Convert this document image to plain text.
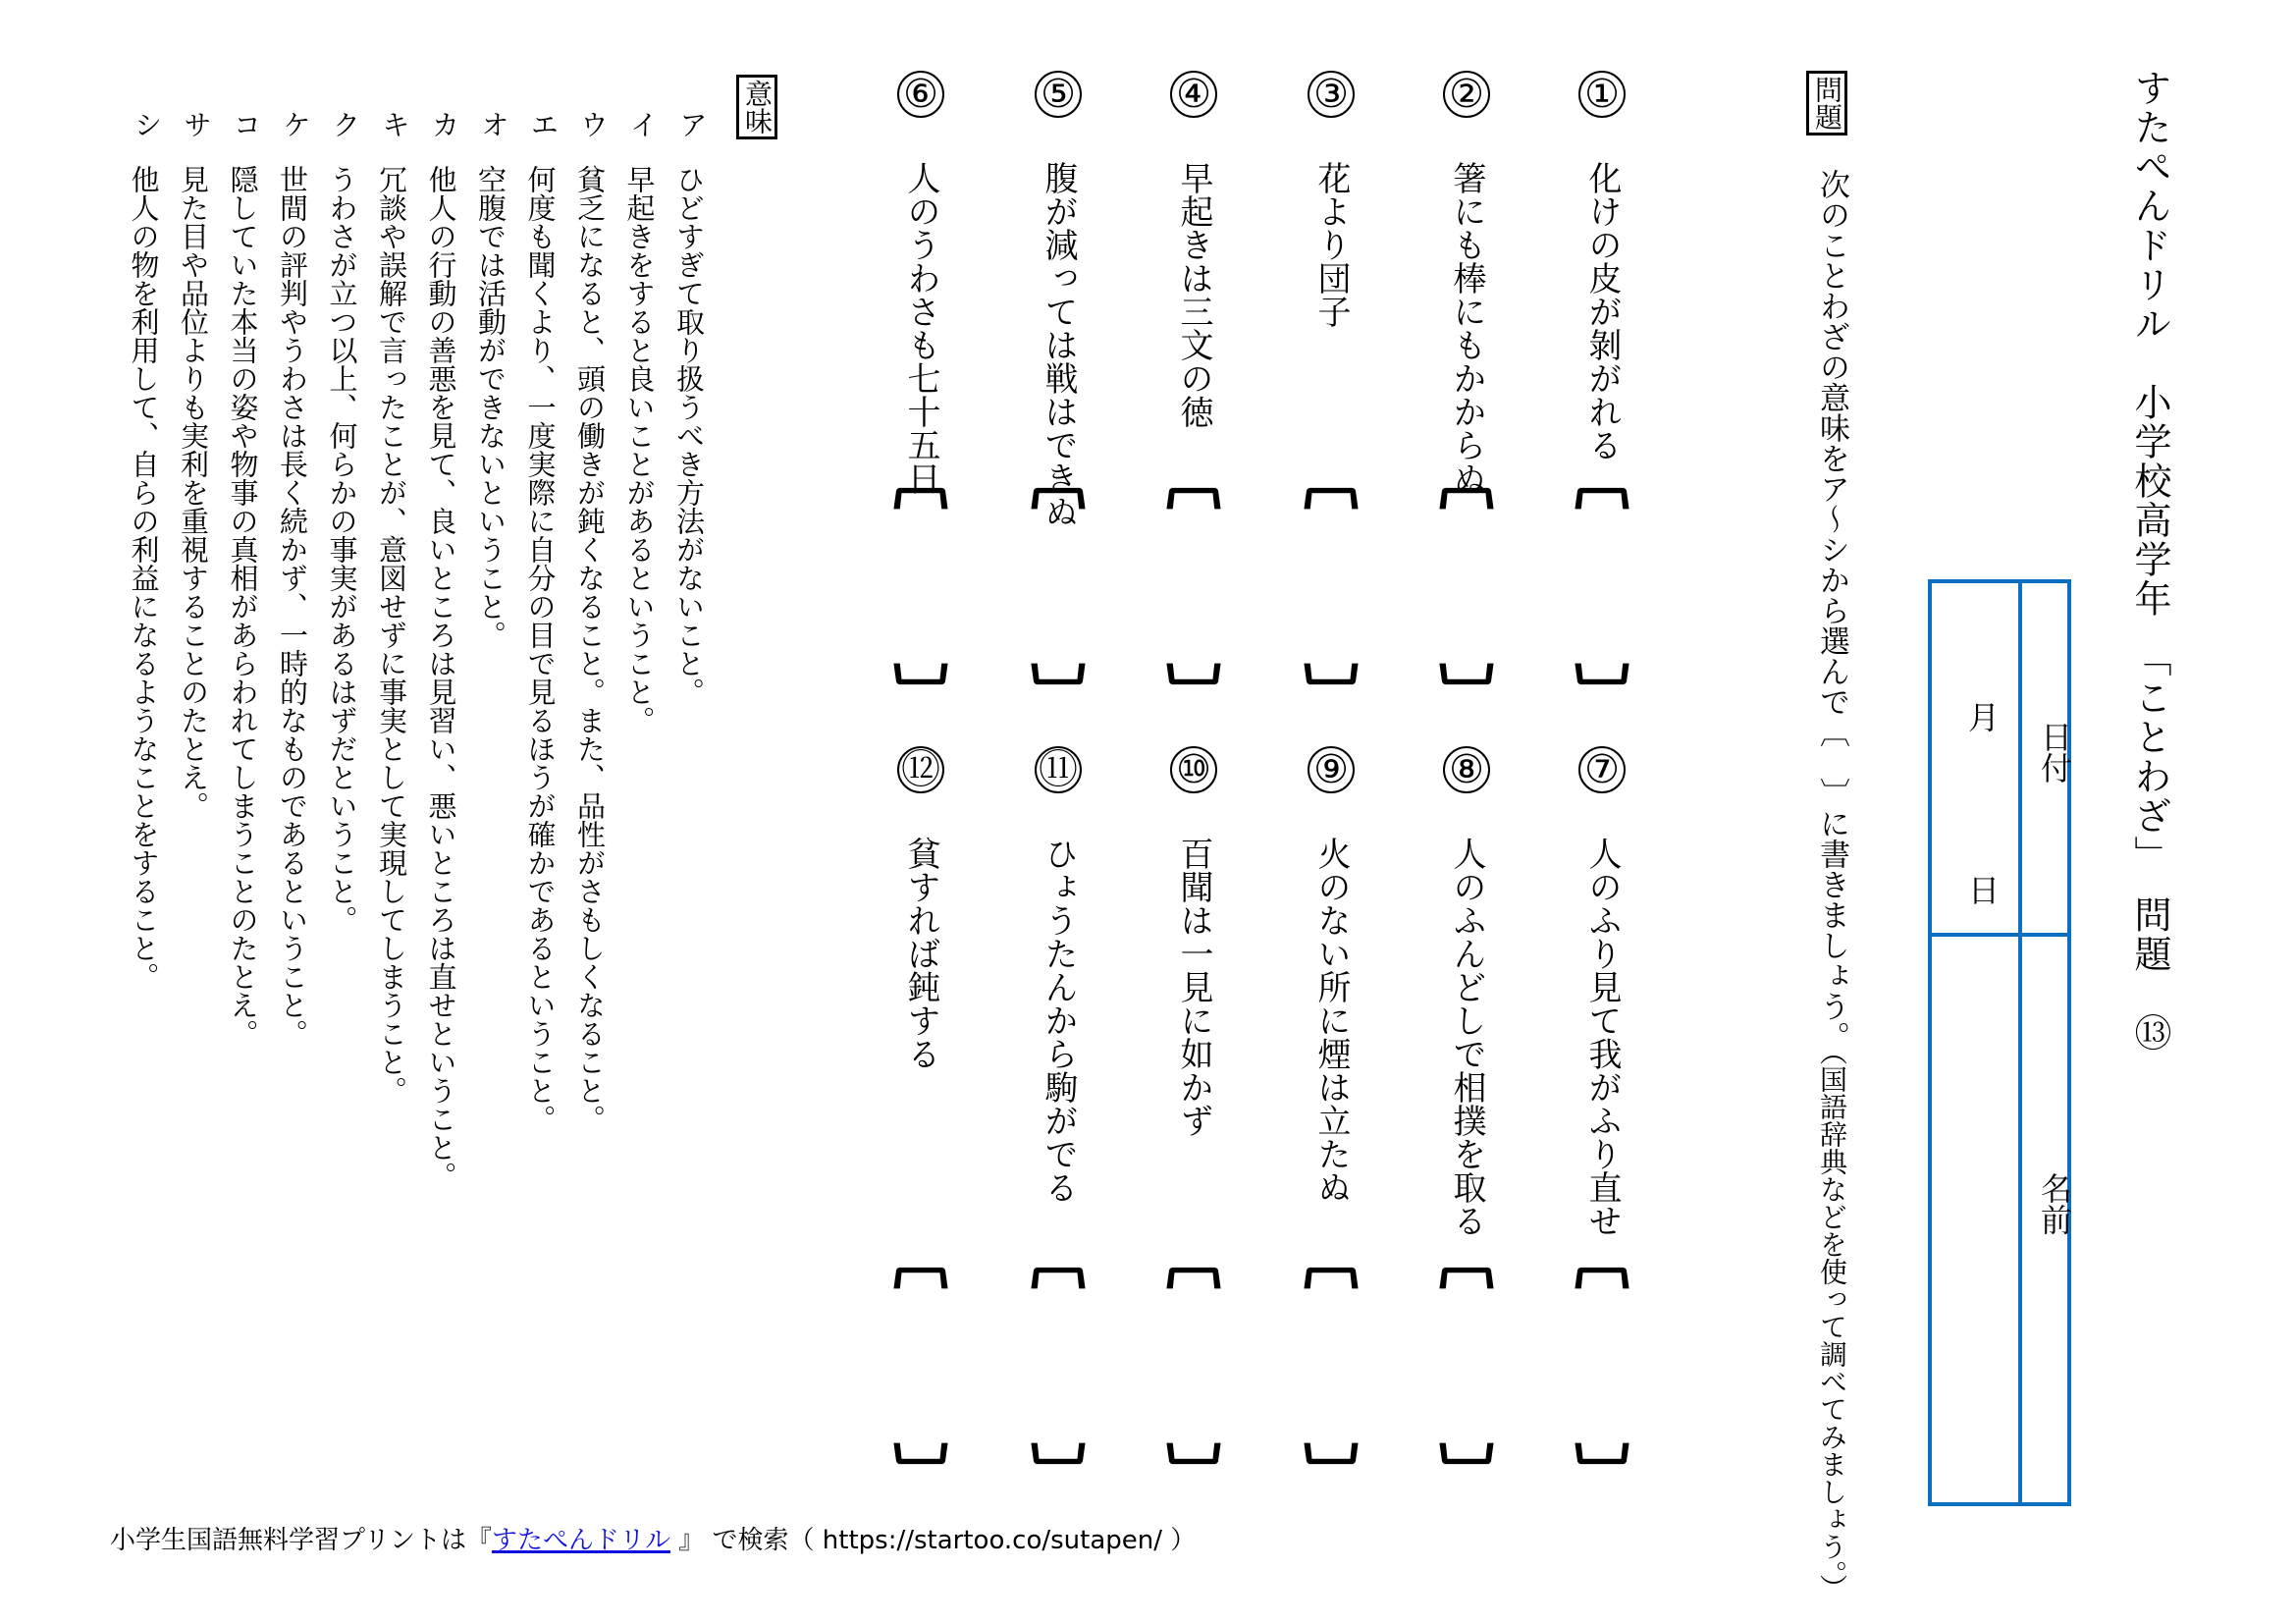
すたぺんドリル　小学校高学年　「ことわざ」　問題　⑬
日付
月
日
名前
問題
次のことわざの意味をア〜シから選んで〔　〕に書きましょう。（国語辞典などを使って調べてみましょう。）
①
化けの皮が剝がれる
②
箸にも棒にもかからぬ
③
花より団子
④
早起きは三文の徳
⑤
腹が減っては戦はできぬ
⑥
人のうわさも七十五日
⑦
人のふり見て我がふり直せ
⑧
人のふんどしで相撲を取る
⑨
火のない所に煙は立たぬ
⑩
百聞は一見に如かず
⑪
ひょうたんから駒がでる
⑫
貧すれば鈍する
意味
ア
ひどすぎて取り扱うべき方法がないこと。
イ
早起きをすると良いことがあるということ。
ウ
貧乏になると、頭の働きが鈍くなること。また、品性がさもしくなること。
エ
何度も聞くより、一度実際に自分の目で見るほうが確かであるということ。
オ
空腹では活動ができないということ。
カ
他人の行動の善悪を見て、良いところは見習い、悪いところは直せということ。
キ
冗談や誤解で言ったことが、意図せずに事実として実現してしまうこと。
ク
うわさが立つ以上、何らかの事実があるはずだということ。
ケ
世間の評判やうわさは長く続かず、一時的なものであるということ。
コ
隠していた本当の姿や物事の真相があらわれてしまうことのたとえ。
サ
見た目や品位よりも実利を重視することのたとえ。
シ
他人の物を利用して、自らの利益になるようなことをすること。
小学生国語無料学習プリントは『すたぺんドリル 』 で検索（ https://startoo.co/sutapen/ ）
